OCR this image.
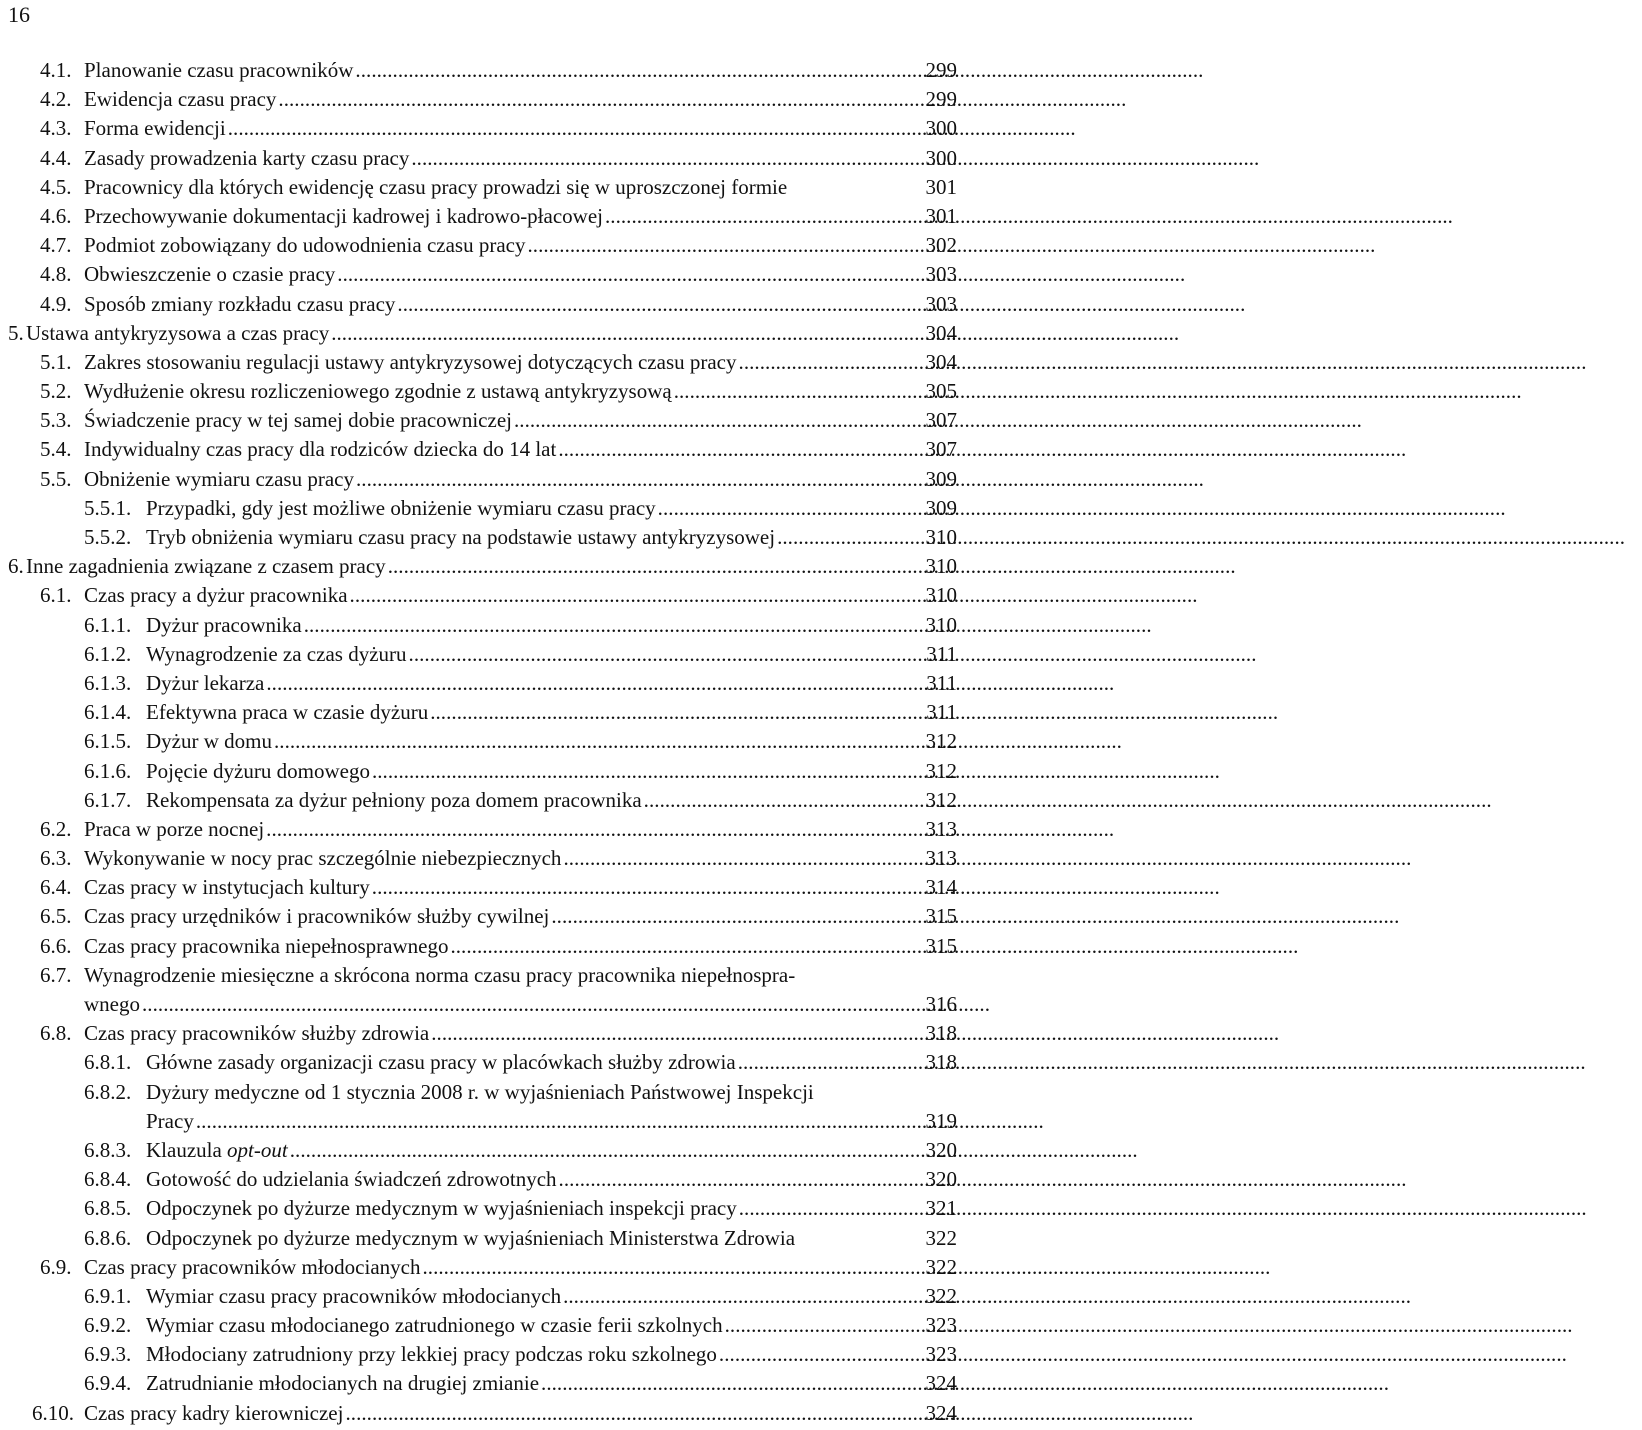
16
4.1. Planowanie czasu pracowników . . .	299
4.2. Ewidencja czasu pracy . . .	299
4.3. Forma ewidencji . . .	300
4.4. Zasady prowadzenia karty czasu pracy . . .	300
4.5. Pracownicy dla których ewidencję czasu pracy prowadzi się w uproszczonej formie	301
4.6. Przechowywanie dokumentacji kadrowej i kadrowo-płacowej . . .	301
4.7. Podmiot zobowiązany do udowodnienia czasu pracy . . .	302
4.8. Obwieszczenie o czasie pracy . . .	303
4.9. Sposób zmiany rozkładu czasu pracy . . .	303
5. Ustawa antykryzysowa a czas pracy . . .	304
5.1. Zakres stosowaniu regulacji ustawy antykryzysowej dotyczących czasu pracy . . .	304
5.2. Wydłużenie okresu rozliczeniowego zgodnie z ustawą antykryzysową . . .	305
5.3. Świadczenie pracy w tej samej dobie pracowniczej . . .	307
5.4. Indywidualny czas pracy dla rodziców dziecka do 14 lat . . .	307
5.5. Obniżenie wymiaru czasu pracy . . .	309
5.5.1. Przypadki, gdy jest możliwe obniżenie wymiaru czasu pracy . . .	309
5.5.2. Tryb obniżenia wymiaru czasu pracy na podstawie ustawy antykryzysowej . . .	310
6. Inne zagadnienia związane z czasem pracy . . .	310
6.1. Czas pracy a dyżur pracownika . . .	310
6.1.1. Dyżur pracownika . . .	310
6.1.2. Wynagrodzenie za czas dyżuru . . .	311
6.1.3. Dyżur lekarza . . .	311
6.1.4. Efektywna praca w czasie dyżuru . . .	311
6.1.5. Dyżur w domu . . .	312
6.1.6. Pojęcie dyżuru domowego . . .	312
6.1.7. Rekompensata za dyżur pełniony poza domem pracownika . . .	312
6.2. Praca w porze nocnej . . .	313
6.3. Wykonywanie w nocy prac szczególnie niebezpiecznych . . .	313
6.4. Czas pracy w instytucjach kultury . . .	314
6.5. Czas pracy urzędników i pracowników służby cywilnej . . .	315
6.6. Czas pracy pracownika niepełnosprawnego . . .	315
6.7. Wynagrodzenie miesięczne a skrócona norma czasu pracy pracownika niepełnospra-
wnego . . .	316
6.8. Czas pracy pracowników służby zdrowia . . .	318
6.8.1. Główne zasady organizacji czasu pracy w placówkach służby zdrowia . . .	318
6.8.2. Dyżury medyczne od 1 stycznia 2008 r. w wyjaśnieniach Państwowej Inspekcji
Pracy . . .	319
6.8.3. Klauzula opt-out . . .	320
6.8.4. Gotowość do udzielania świadczeń zdrowotnych . . .	320
6.8.5. Odpoczynek po dyżurze medycznym w wyjaśnieniach inspekcji pracy . . .	321
6.8.6. Odpoczynek po dyżurze medycznym w wyjaśnieniach Ministerstwa Zdrowia	322
6.9. Czas pracy pracowników młodocianych . . .	322
6.9.1. Wymiar czasu pracy pracowników młodocianych . . .	322
6.9.2. Wymiar czasu młodocianego zatrudnionego w czasie ferii szkolnych . . .	323
6.9.3. Młodociany zatrudniony przy lekkiej pracy podczas roku szkolnego . . .	323
6.9.4. Zatrudnianie młodocianych na drugiej zmianie . . .	324
6.10. Czas pracy kadry kierowniczej . . .	324
